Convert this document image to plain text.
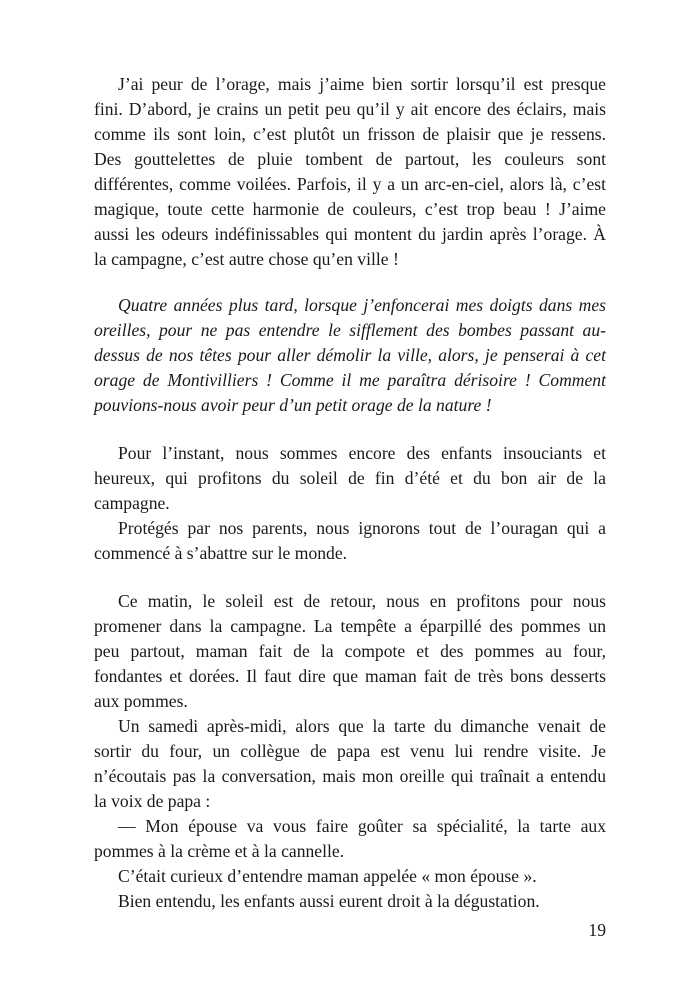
J’ai peur de l’orage, mais j’aime bien sortir lorsqu’il est presque
fini. D’abord, je crains un petit peu qu’il y ait encore des éclairs, mais
comme ils sont loin, c’est plutôt un frisson de plaisir que je ressens.
Des gouttelettes de pluie tombent de partout, les couleurs sont
différentes, comme voilées. Parfois, il y a un arc-en-ciel, alors là, c’est
magique, toute cette harmonie de couleurs, c’est trop beau ! J’aime
aussi les odeurs indéfinissables qui montent du jardin après l’orage. À
la campagne, c’est autre chose qu’en ville !
Quatre années plus tard, lorsque j’enfoncerai mes doigts dans mes
oreilles, pour ne pas entendre le sifflement des bombes passant au-
dessus de nos têtes pour aller démolir la ville, alors, je penserai à cet
orage de Montivilliers ! Comme il me paraîtra dérisoire ! Comment
pouvions-nous avoir peur d’un petit orage de la nature !
Pour l’instant, nous sommes encore des enfants insouciants et
heureux, qui profitons du soleil de fin d’été et du bon air de la
campagne.
Protégés par nos parents, nous ignorons tout de l’ouragan qui a
commencé à s’abattre sur le monde.
Ce matin, le soleil est de retour, nous en profitons pour nous
promener dans la campagne. La tempête a éparpillé des pommes un
peu partout, maman fait de la compote et des pommes au four,
fondantes et dorées. Il faut dire que maman fait de très bons desserts
aux pommes.
Un samedi après-midi, alors que la tarte du dimanche venait de
sortir du four, un collègue de papa est venu lui rendre visite. Je
n’écoutais pas la conversation, mais mon oreille qui traînait a entendu
la voix de papa :
— Mon épouse va vous faire goûter sa spécialité, la tarte aux
pommes à la crème et à la cannelle.
C’était curieux d’entendre maman appelée « mon épouse ».
Bien entendu, les enfants aussi eurent droit à la dégustation.
19
